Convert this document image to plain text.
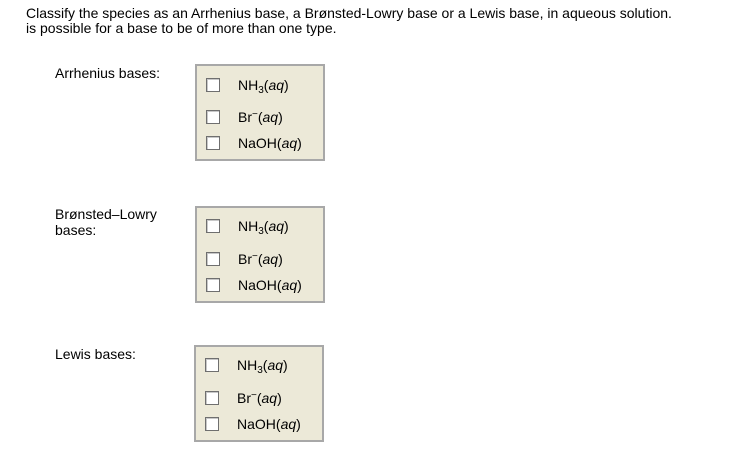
Classify the species as an Arrhenius base, a Brønsted-Lowry base or a Lewis base, in aqueous solution.
is possible for a base to be of more than one type.
Arrhenius bases:
$NH_3(aq)$
Br−(aq)
NaOH(aq)
Brønsted–Lowry
bases:	$NH_3(aq)$
Br−(aq)
NaOH(aq)
Lewis bases:
$NH_3(aq)$
Br−(aq)
NaOH(aq)
